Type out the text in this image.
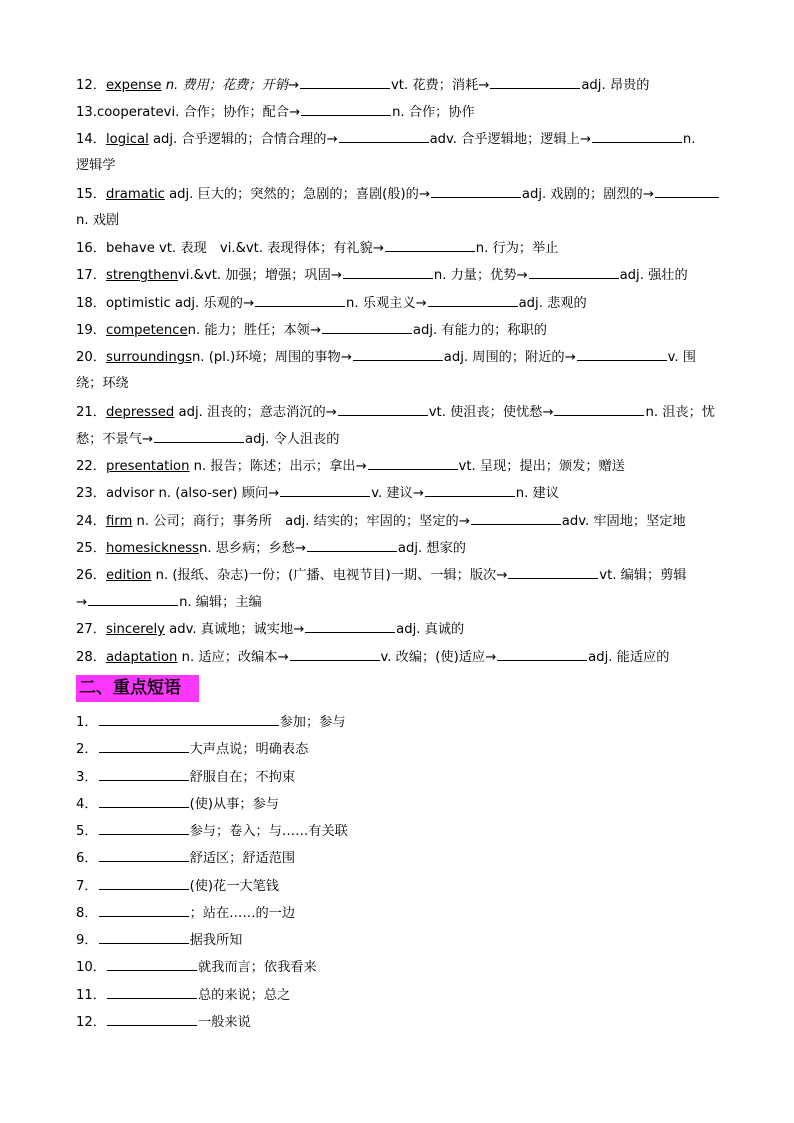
12．expense n. 费用；花费；开销→	vt. 花费；消耗→	adj. 昂贵的
13.cooperatevi. 合作；协作；配合→	n. 合作；协作
14．logical adj. 合乎逻辑的；合情合理的→	adv. 合乎逻辑地；逻辑上→	n.
逻辑学
15．dramatic adj. 巨大的；突然的；急剧的；喜剧(般)的→	adj. 戏剧的；剧烈的→
n. 戏剧
16．behave vt. 表现　vi.&vt. 表现得体；有礼貌→	n. 行为；举止
17．strengthenvi.&vt. 加强；增强；巩固→	n. 力量；优势→	adj. 强壮的
18．optimistic adj. 乐观的→	n. 乐观主义→	adj. 悲观的
19．competencen. 能力；胜任；本领→	adj. 有能力的；称职的
20．surroundingsn. (pl.)环境；周围的事物→	adj. 周围的；附近的→	v. 围
绕；环绕
21．depressed adj. 沮丧的；意志消沉的→	vt. 使沮丧；使忧愁→	n. 沮丧；忧
愁；不景气→	adj. 令人沮丧的
22．presentation n. 报告；陈述；出示；拿出→	vt. 呈现；提出；颁发；赠送
23．advisor n. (also-ser) 顾问→	v. 建议→	n. 建议
24．firm n. 公司；商行；事务所　adj. 结实的；牢固的；坚定的→	adv. 牢固地；坚定地
25．homesicknessn. 思乡病；乡愁→	adj. 想家的
26．edition n. (报纸、杂志)一份；(广播、电视节目)一期、一辑；版次→	vt. 编辑；剪辑
→	n. 编辑；主编
27．sincerely adv. 真诚地；诚实地→	adj. 真诚的
28．adaptation n. 适应；改编本→	v. 改编；(使)适应→	adj. 能适应的
二、重点短语
1．	参加；参与
2．	大声点说；明确表态
3．	舒服自在；不拘束
4．	(使)从事；参与
5．	参与；卷入；与……有关联
6．	舒适区；舒适范围
7．	(使)花一大笔钱
8．	；站在……的一边
9．	据我所知
10．	就我而言；依我看来
11．	总的来说；总之
12．	一般来说
